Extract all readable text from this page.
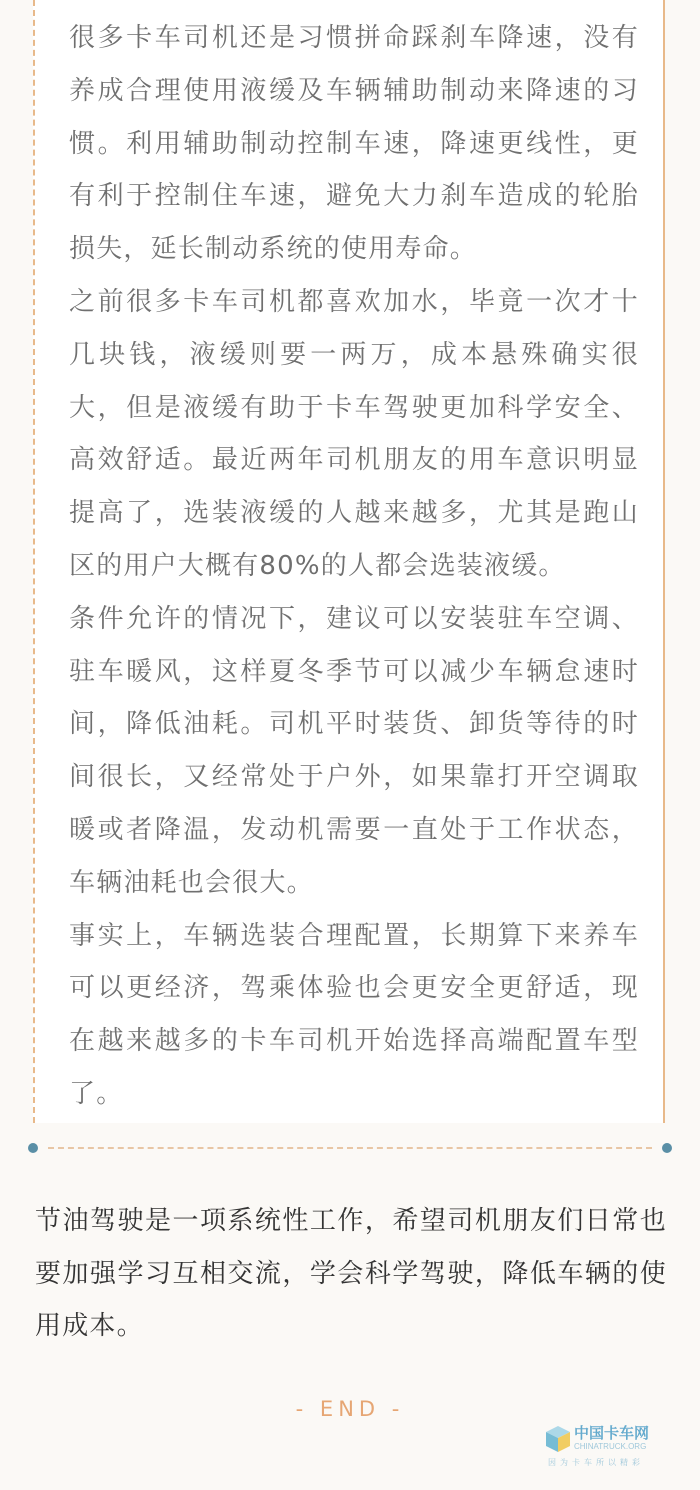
很多卡车司机还是习惯拼命踩刹车降速，没有养成合理使用液缓及车辆辅助制动来降速的习惯。利用辅助制动控制车速，降速更线性，更有利于控制住车速，避免大力刹车造成的轮胎损失，延长制动系统的使用寿命。

之前很多卡车司机都喜欢加水，毕竟一次才十几块钱，液缓则要一两万，成本悬殊确实很大，但是液缓有助于卡车驾驶更加科学安全、高效舒适。最近两年司机朋友的用车意识明显提高了，选装液缓的人越来越多，尤其是跑山区的用户大概有80%的人都会选装液缓。

条件允许的情况下，建议可以安装驻车空调、驻车暖风，这样夏冬季节可以减少车辆怠速时间，降低油耗。司机平时装货、卸货等待的时间很长，又经常处于户外，如果靠打开空调取暖或者降温，发动机需要一直处于工作状态，车辆油耗也会很大。

事实上，车辆选装合理配置，长期算下来养车可以更经济，驾乘体验也会更安全更舒适，现在越来越多的卡车司机开始选择高端配置车型了。

节油驾驶是一项系统性工作，希望司机朋友们日常也要加强学习互相交流，学会科学驾驶，降低车辆的使用成本。

- END -
中国卡车网
CHINATRUCK.ORG
因为卡车所以精彩
